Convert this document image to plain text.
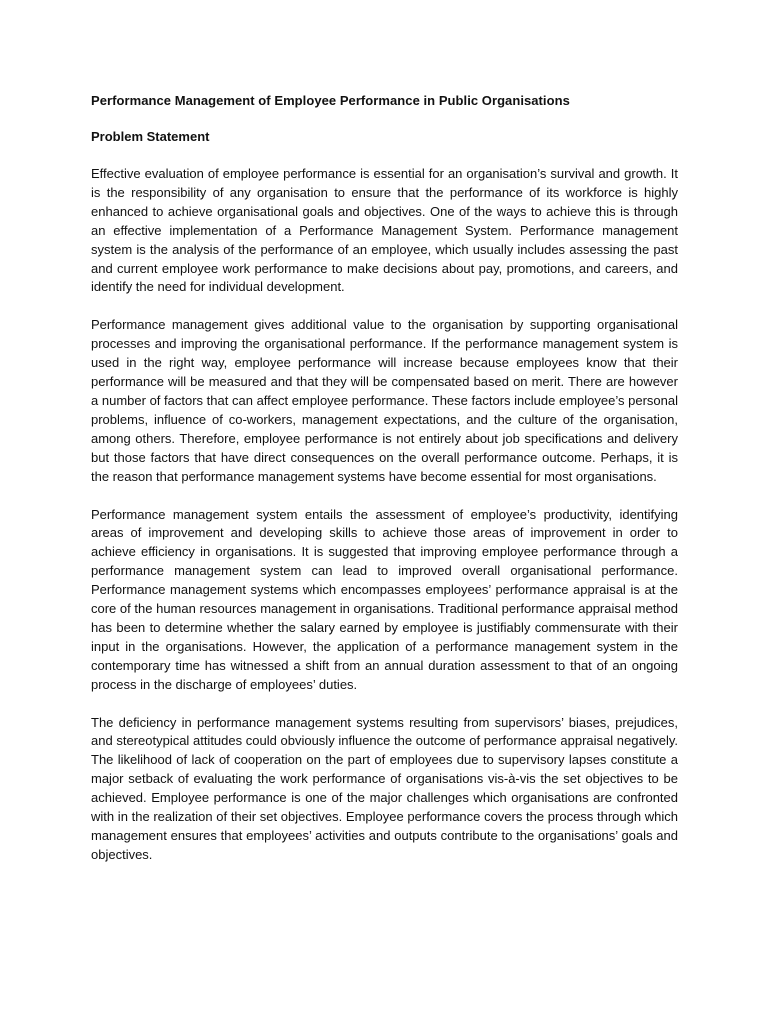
Performance Management of Employee Performance in Public Organisations
Problem Statement

Effective evaluation of employee performance is essential for an organisation’s survival and growth. It is the responsibility of any organisation to ensure that the performance of its workforce is highly enhanced to achieve organisational goals and objectives. One of the ways to achieve this is through an effective implementation of a Performance Management System. Performance management system is the analysis of the performance of an employee, which usually includes assessing the past and current employee work performance to make decisions about pay, promotions, and careers, and identify the need for individual development.

Performance management gives additional value to the organisation by supporting organisational processes and improving the organisational performance. If the performance management system is used in the right way, employee performance will increase because employees know that their performance will be measured and that they will be compensated based on merit. There are however a number of factors that can affect employee performance. These factors include employee’s personal problems, influence of co-workers, management expectations, and the culture of the organisation, among others. Therefore, employee performance is not entirely about job specifications and delivery but those factors that have direct consequences on the overall performance outcome. Perhaps, it is the reason that performance management systems have become essential for most organisations.

Performance management system entails the assessment of employee’s productivity, identifying areas of improvement and developing skills to achieve those areas of improvement in order to achieve efficiency in organisations. It is suggested that improving employee performance through a performance management system can lead to improved overall organisational performance. Performance management systems which encompasses employees’ performance appraisal is at the core of the human resources management in organisations. Traditional performance appraisal method has been to determine whether the salary earned by employee is justifiably commensurate with their input in the organisations. However, the application of a performance management system in the contemporary time has witnessed a shift from an annual duration assessment to that of an ongoing process in the discharge of employees’ duties.

The deficiency in performance management systems resulting from supervisors’ biases, prejudices, and stereotypical attitudes could obviously influence the outcome of performance appraisal negatively. The likelihood of lack of cooperation on the part of employees due to supervisory lapses constitute a major setback of evaluating the work performance of organisations vis-à-vis the set objectives to be achieved. Employee performance is one of the major challenges which organisations are confronted with in the realization of their set objectives. Employee performance covers the process through which management ensures that employees’ activities and outputs contribute to the organisations’ goals and objectives.
